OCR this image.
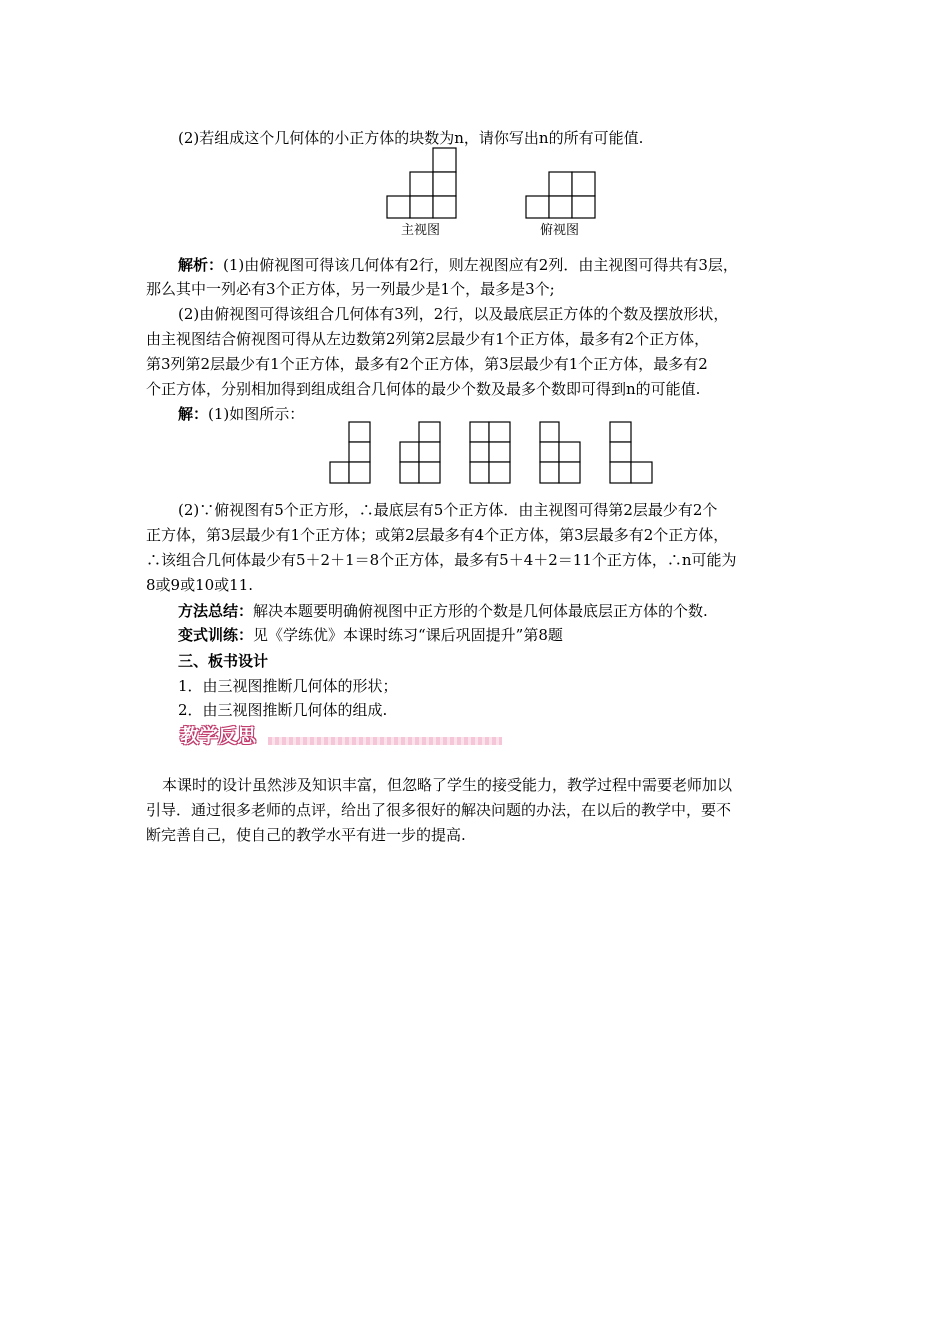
(2)若组成这个几何体的小正方体的块数为n，请你写出n的所有可能值.
主视图	俯视图
解析：(1)由俯视图可得该几何体有2行，则左视图应有2列．由主视图可得共有3层，
那么其中一列必有3个正方体，另一列最少是1个，最多是3个;
(2)由俯视图可得该组合几何体有3列，2行，以及最底层正方体的个数及摆放形状，
由主视图结合俯视图可得从左边数第2列第2层最少有1个正方体，最多有2个正方体，
第3列第2层最少有1个正方体，最多有2个正方体，第3层最少有1个正方体，最多有2
个正方体，分别相加得到组成组合几何体的最少个数及最多个数即可得到n的可能值.
解：(1)如图所示：
(2)∵俯视图有5个正方形，∴最底层有5个正方体．由主视图可得第2层最少有2个
正方体，第3层最少有1个正方体；或第2层最多有4个正方体，第3层最多有2个正方体，
∴该组合几何体最少有5＋2＋1＝8个正方体，最多有5＋4＋2＝11个正方体，∴n可能为
8或9或10或11.
方法总结：解决本题要明确俯视图中正方形的个数是几何体最底层正方体的个数.
变式训练：见《学练优》本课时练习“课后巩固提升”第8题
三、板书设计
1．由三视图推断几何体的形状；
2．由三视图推断几何体的组成.
教学反思
本课时的设计虽然涉及知识丰富，但忽略了学生的接受能力，教学过程中需要老师加以
引导．通过很多老师的点评，给出了很多很好的解决问题的办法，在以后的教学中，要不
断完善自己，使自己的教学水平有进一步的提高.
